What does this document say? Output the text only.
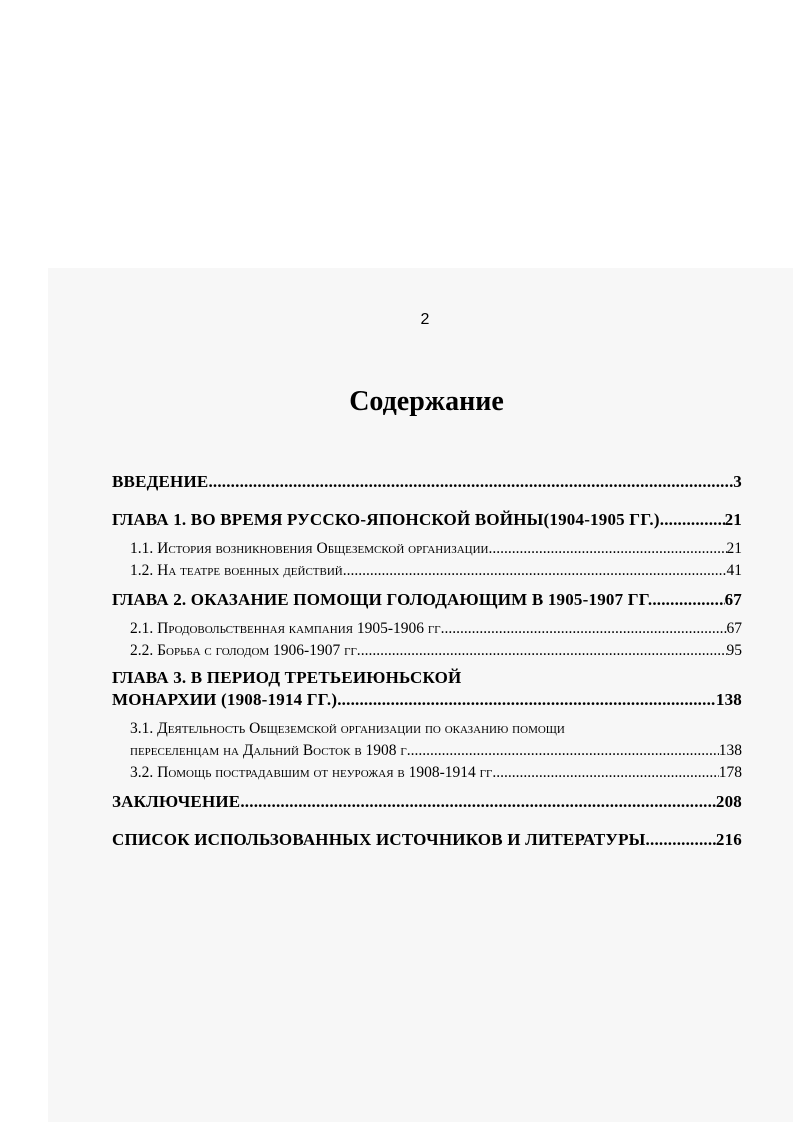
2
Содержание
ВВЕДЕНИЕ .....	3
ГЛАВА 1. ВО ВРЕМЯ РУССКО-ЯПОНСКОЙ ВОЙНЫ(1904-1905 ГГ.) .....	21
1.1. История возникновения Общеземской организации .....	21
1.2. На театре военных действий .....	41
ГЛАВА 2. ОКАЗАНИЕ ПОМОЩИ ГОЛОДАЮЩИМ В 1905-1907 ГГ. .....	67
2.1. Продовольственная кампания 1905-1906 гг. .....	67
2.2. Борьба с голодом 1906-1907 гг. .....	95
ГЛАВА 3. В ПЕРИОД ТРЕТЬЕИЮНЬСКОЙ
МОНАРХИИ (1908-1914 ГГ.) .....	138
3.1. Деятельность Общеземской организации по оказанию помощи
переселенцам на Дальний Восток в 1908 г. .....	138
3.2. Помощь пострадавшим от неурожая в 1908-1914 гг. .....	178
ЗАКЛЮЧЕНИЕ .....	208
СПИСОК ИСПОЛЬЗОВАННЫХ ИСТОЧНИКОВ И ЛИТЕРАТУРЫ .....	216
